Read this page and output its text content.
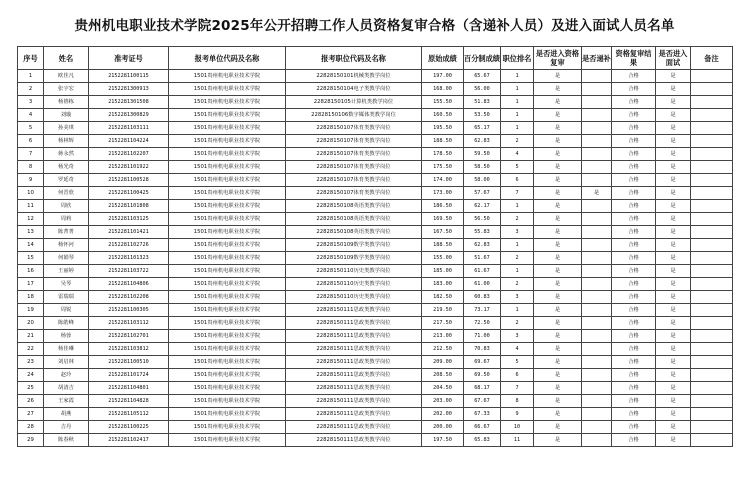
贵州机电职业技术学院2025年公开招聘工作人员资格复审合格（含递补人员）及进入面试人员名单
序号	姓名	准考证号	报考单位代码及名称	报考职位代码及名称	原始成绩	百分制成绩	职位排名	是否进入资格复审	是否递补	资格复审结果	是否进入面试	备注
1	欧佳凡	2152281100115	1501贵州机电职业技术学院	22828150101机械类教学岗位	197.00	65.67	1	是		合格	是	
2	张宇宏	2152281300913	1501贵州机电职业技术学院	22828150104电子类教学岗位	168.00	56.00	1	是		合格	是	
3	杨禧栋	2152281301508	1501贵州机电职业技术学院	22828150105计算机类教学岗位	155.50	51.83	1	是		合格	是	
4	刘璇	2152281300829	1501贵州机电职业技术学院	22828150106数字媒体类教学岗位	160.50	53.50	1	是		合格	是	
5	孙美琪	2152281103111	1501贵州机电职业技术学院	22828150107体育类教学岗位	195.50	65.17	1	是		合格	是	
6	杨林辉	2152281104224	1501贵州机电职业技术学院	22828150107体育类教学岗位	188.50	62.83	2	是		合格	是	
7	蒋永然	2152281102207	1501贵州机电职业技术学院	22828150107体育类教学岗位	178.50	59.50	4	是		合格	是	
8	杨光奇	2152281101922	1501贵州机电职业技术学院	22828150107体育类教学岗位	175.50	58.50	5	是		合格	是	
9	罗延奇	2152281100528	1501贵州机电职业技术学院	22828150107体育类教学岗位	174.00	58.00	6	是		合格	是	
10	何晋欣	2152281100425	1501贵州机电职业技术学院	22828150107体育类教学岗位	173.00	57.67	7	是	是	合格	是	
11	周欣	2152281101808	1501贵州机电职业技术学院	22828150108英语类教学岗位	186.50	62.17	1	是		合格	是	
12	周莉	2152281103125	1501贵州机电职业技术学院	22828150108英语类教学岗位	169.50	56.50	2	是		合格	是	
13	陈菁菁	2152281101421	1501贵州机电职业技术学院	22828150108英语类教学岗位	167.50	55.83	3	是		合格	是	
14	杨怀河	2152281102726	1501贵州机电职业技术学院	22828150109数学类教学岗位	188.50	62.83	1	是		合格	是	
15	何娟琴	2152281101323	1501贵州机电职业技术学院	22828150109数学类教学岗位	155.00	51.67	2	是		合格	是	
16	王丽婷	2152281103722	1501贵州机电职业技术学院	22828150110历史类教学岗位	185.00	61.67	1	是		合格	是	
17	吴琴	2152281104806	1501贵州机电职业技术学院	22828150110历史类教学岗位	183.00	61.00	2	是		合格	是	
18	雷瑞瑞	2152281102208	1501贵州机电职业技术学院	22828150110历史类教学岗位	182.50	60.83	3	是		合格	是	
19	周锐	2152281100305	1501贵州机电职业技术学院	22828150111思政类教学岗位	219.50	73.17	1	是		合格	是	
20	陈皓峰	2152281103112	1501贵州机电职业技术学院	22828150111思政类教学岗位	217.50	72.50	2	是		合格	是	
21	杨蓉	2152281102701	1501贵州机电职业技术学院	22828150111思政类教学岗位	213.00	71.00	3	是		合格	是	
22	杨佳琳	2152281103812	1501贵州机电职业技术学院	22828150111思政类教学岗位	212.50	70.83	4	是		合格	是	
23	刘启林	2152281100510	1501贵州机电职业技术学院	22828150111思政类教学岗位	209.00	69.67	5	是		合格	是	
24	赵玲	2152281101724	1501贵州机电职业技术学院	22828150111思政类教学岗位	208.50	69.50	6	是		合格	是	
25	胡清吉	2152281104801	1501贵州机电职业技术学院	22828150111思政类教学岗位	204.50	68.17	7	是		合格	是	
26	王家霞	2152281104828	1501贵州机电职业技术学院	22828150111思政类教学岗位	203.00	67.67	8	是		合格	是	
27	胡燕	2152281105112	1501贵州机电职业技术学院	22828150111思政类教学岗位	202.00	67.33	9	是		合格	是	
28	吉丹	2152281100225	1501贵州机电职业技术学院	22828150111思政类教学岗位	200.00	66.67	10	是		合格	是	
29	陈春秋	2152281102417	1501贵州机电职业技术学院	22828150111思政类教学岗位	197.50	65.83	11	是		合格	是	
